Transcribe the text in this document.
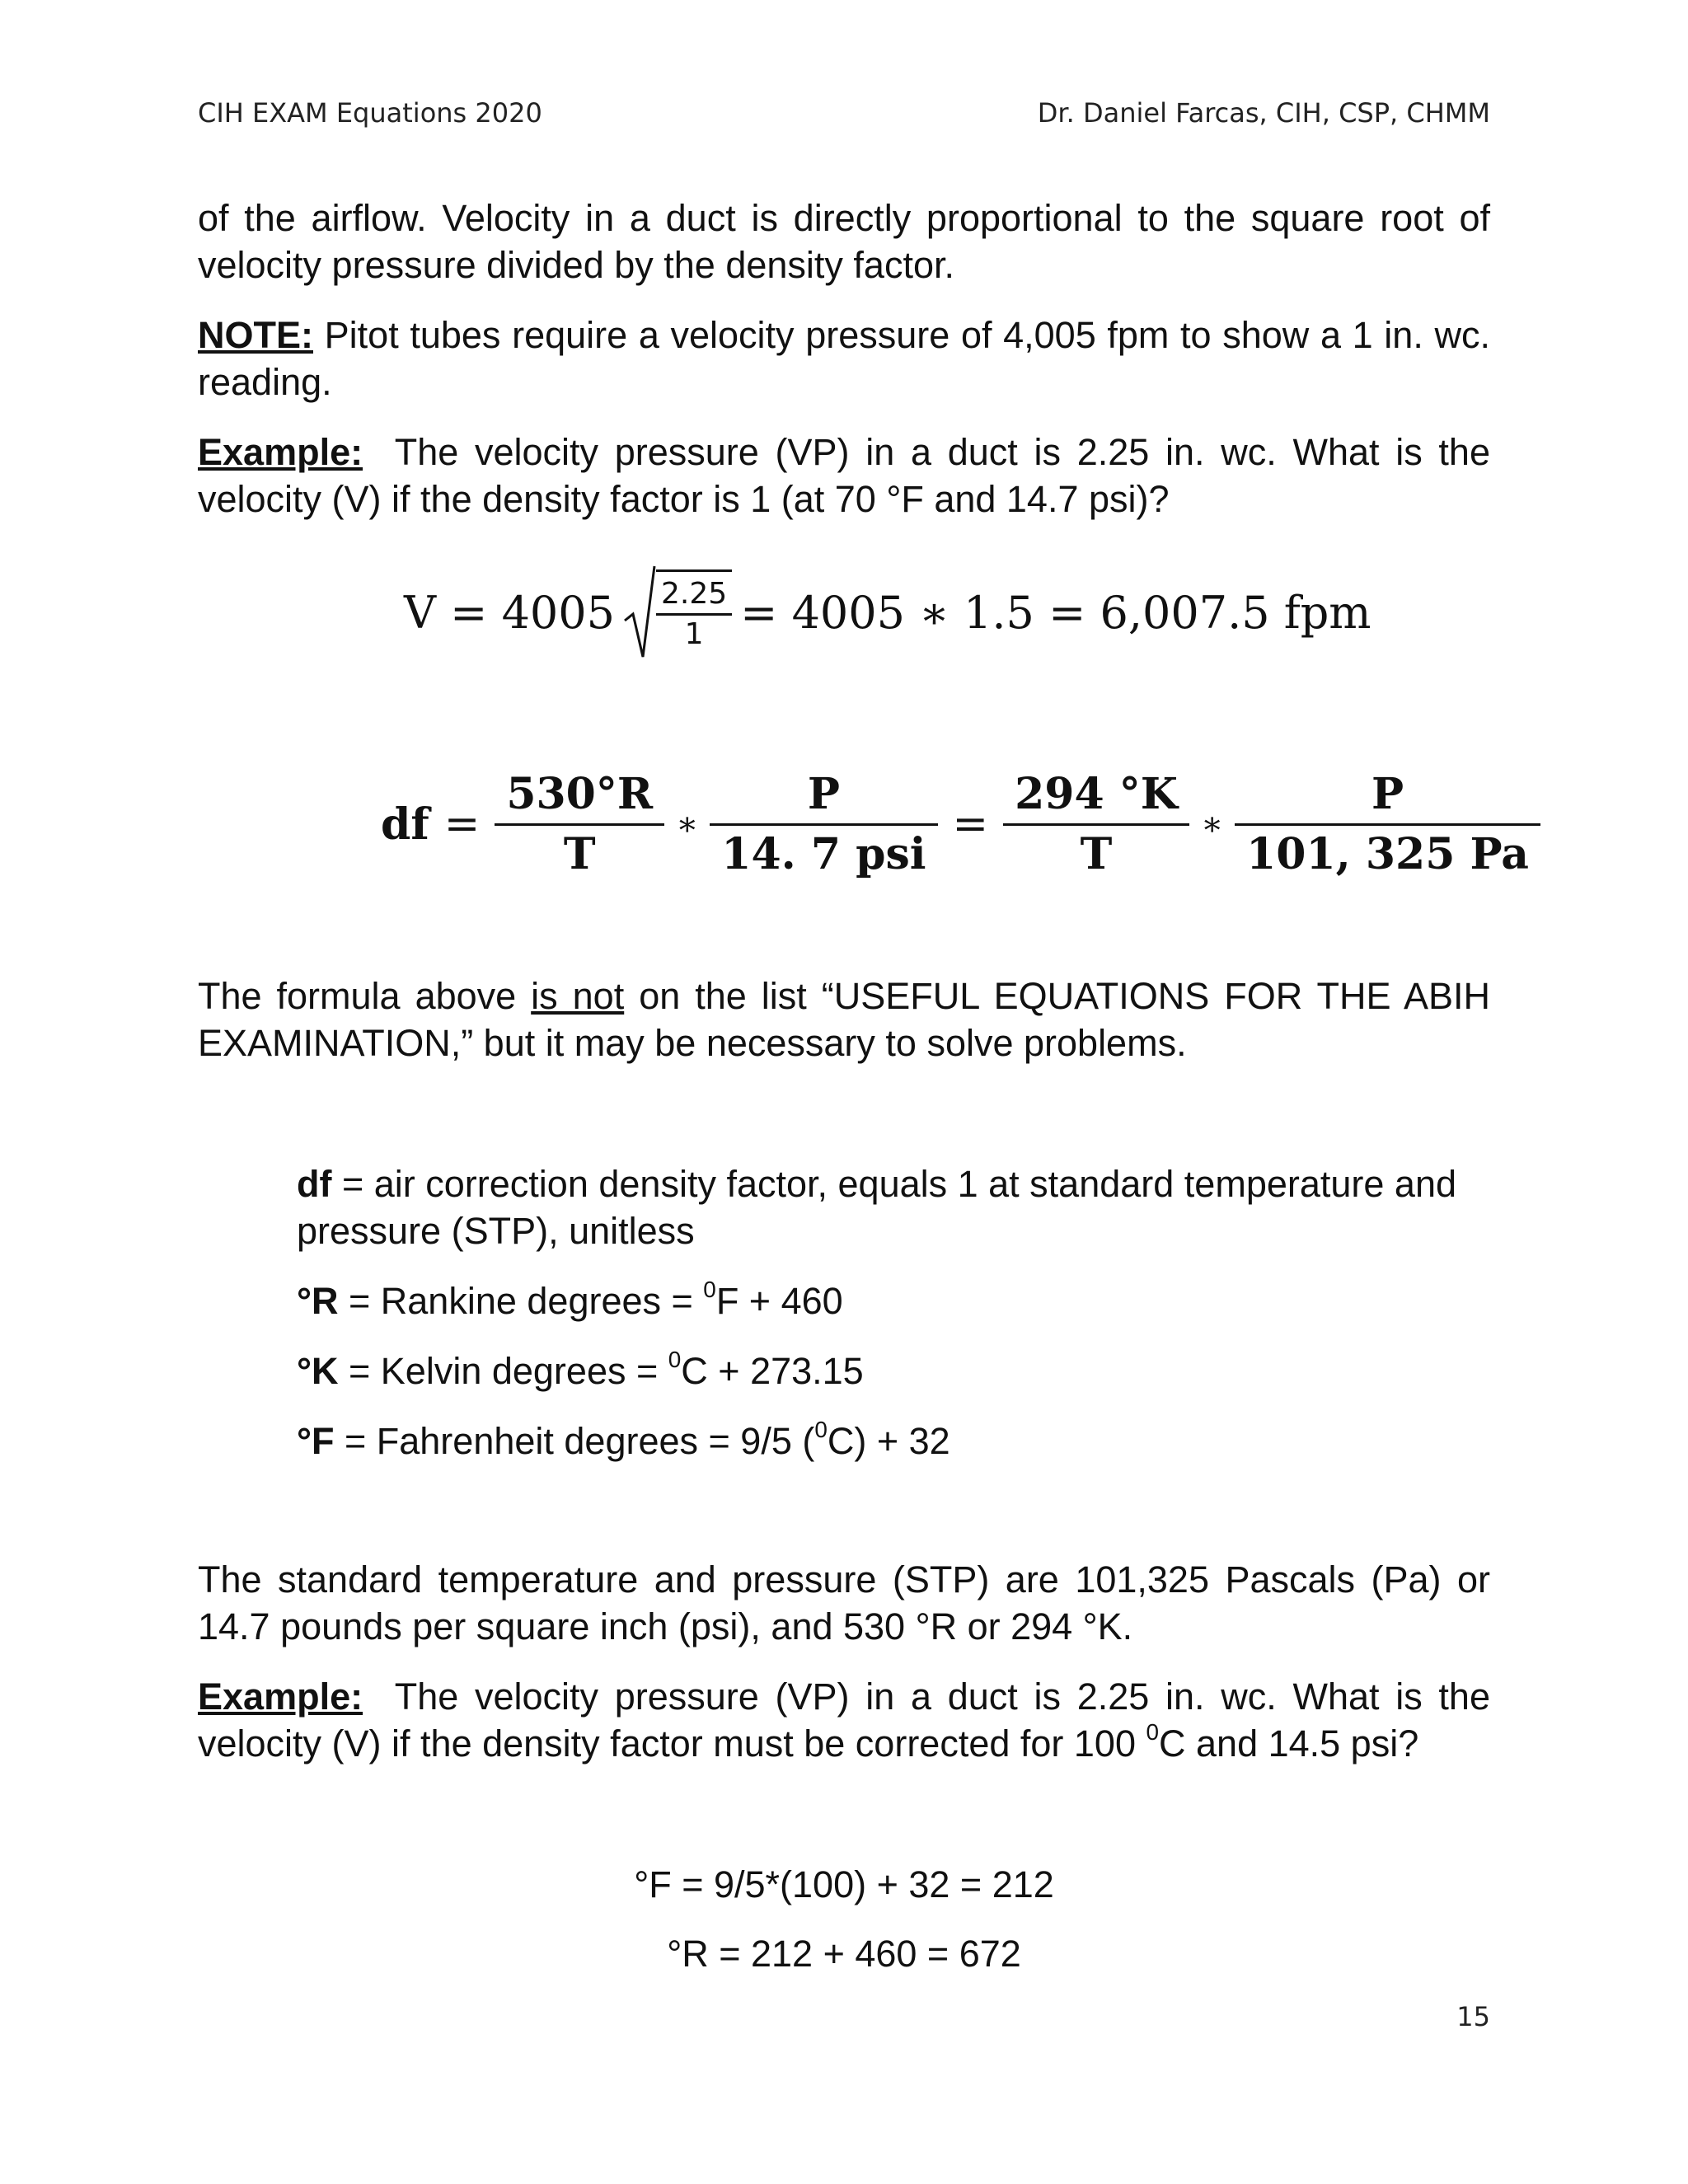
CIH EXAM Equations 2020	Dr. Daniel Farcas, CIH, CSP, CHMM

of the airflow. Velocity in a duct is directly proportional to the square root of velocity pressure divided by the density factor.

NOTE: Pitot tubes require a velocity pressure of 4,005 fpm to show a 1 in. wc. reading.

Example:  The velocity pressure (VP) in a duct is 2.25 in. wc. What is the velocity (V) if the density factor is 1 (at 70 °F and 14.7 psi)?

$V = 4005 \frac{2.25}{1} = 4005$ ∗ 1.5 = 6,007.5 fpm
df = $\frac{530^\circ R}{T}$ ∗ $\frac{P}{\text{14. 7 psi}} = \frac{294 ^\circ K}{T}$ ∗ $\frac{P}{101, 325 Pa}$

The formula above is not on the list “USEFUL EQUATIONS FOR THE ABIH EXAMINATION,” but it may be necessary to solve problems.

df = air correction density factor, equals 1 at standard temperature and pressure (STP), unitless

°R = Rankine degrees = $^0$F + 460

°K = Kelvin degrees = $^0$C + 273.15

°F = Fahrenheit degrees = 9/5 ($^0$C) + 32

The standard temperature and pressure (STP) are 101,325 Pascals (Pa) or 14.7 pounds per square inch (psi), and 530 °R or 294 °K.

Example:  The velocity pressure (VP) in a duct is 2.25 in. wc. What is the velocity (V) if the density factor must be corrected for 100 $^0$C and 14.5 psi?

°F = 9/5*(100) + 32 = 212

°R = 212 + 460 = 672

15
